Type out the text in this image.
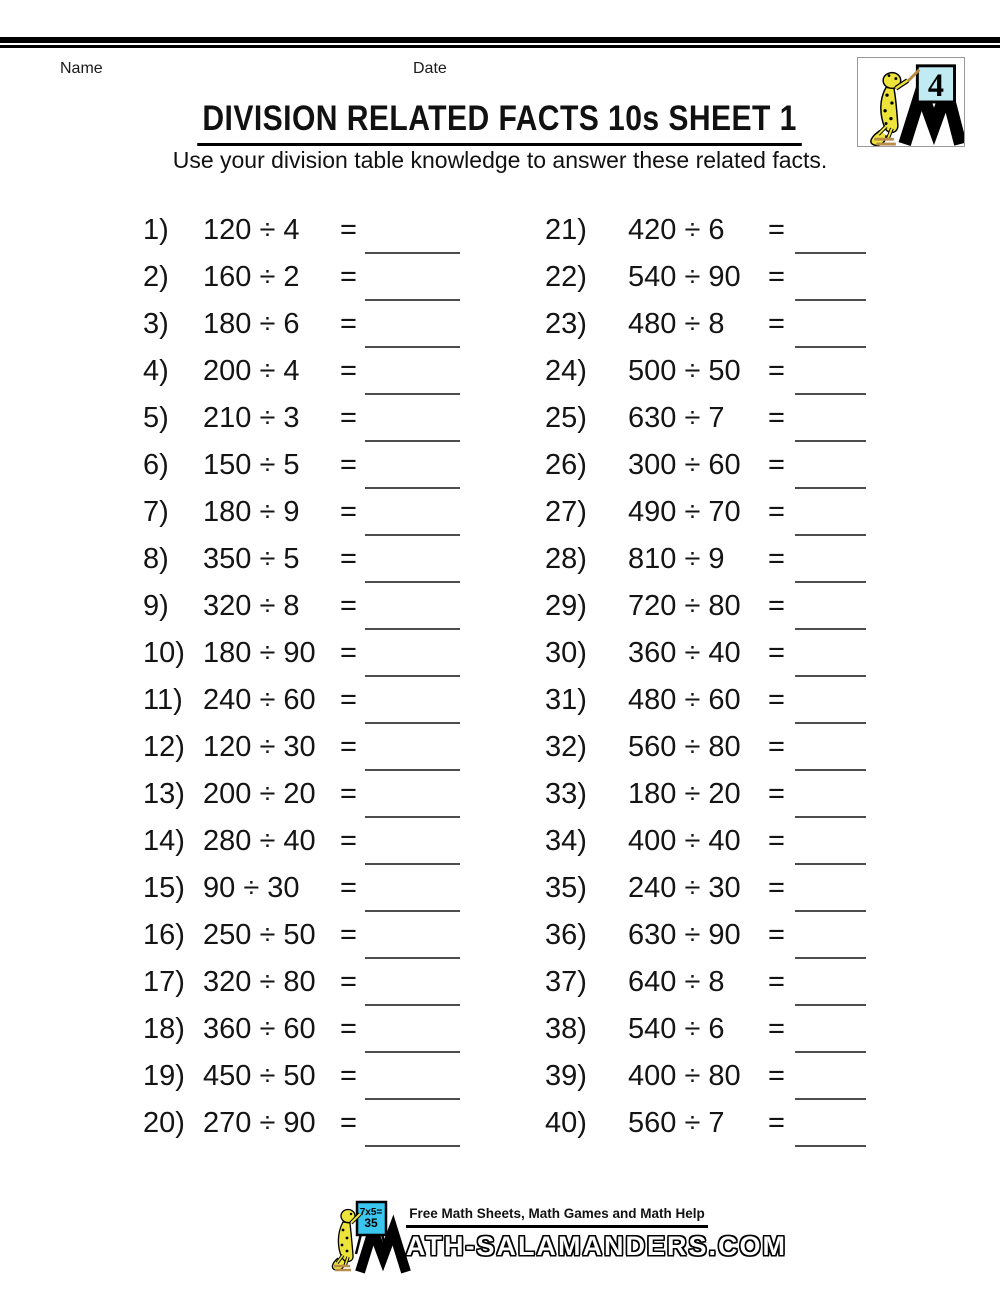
Name	Date	4
DIVISION RELATED FACTS 10s SHEET 1
Use your division table knowledge to answer these related facts.
1) 120 ÷ 4 =
2) 160 ÷ 2 =
3) 180 ÷ 6 =
4) 200 ÷ 4 =
5) 210 ÷ 3 =
6) 150 ÷ 5 =
7) 180 ÷ 9 =
8) 350 ÷ 5 =
9) 320 ÷ 8 =
10) 180 ÷ 90 =
11) 240 ÷ 60 =
12) 120 ÷ 30 =
13) 200 ÷ 20 =
14) 280 ÷ 40 =
15) 90 ÷ 30 =
16) 250 ÷ 50 =
17) 320 ÷ 80 =
18) 360 ÷ 60 =
19) 450 ÷ 50 =
20) 270 ÷ 90 =
21) 420 ÷ 6 =
22) 540 ÷ 90 =
23) 480 ÷ 8 =
24) 500 ÷ 50 =
25) 630 ÷ 7 =
26) 300 ÷ 60 =
27) 490 ÷ 70 =
28) 810 ÷ 9 =
29) 720 ÷ 80 =
30) 360 ÷ 40 =
31) 480 ÷ 60 =
32) 560 ÷ 80 =
33) 180 ÷ 20 =
34) 400 ÷ 40 =
35) 240 ÷ 30 =
36) 630 ÷ 90 =
37) 640 ÷ 8 =
38) 540 ÷ 6 =
39) 400 ÷ 80 =
40) 560 ÷ 7 =
7x5=
35
Free Math Sheets, Math Games and Math Help
ATH-SALAMANDERS.COM
